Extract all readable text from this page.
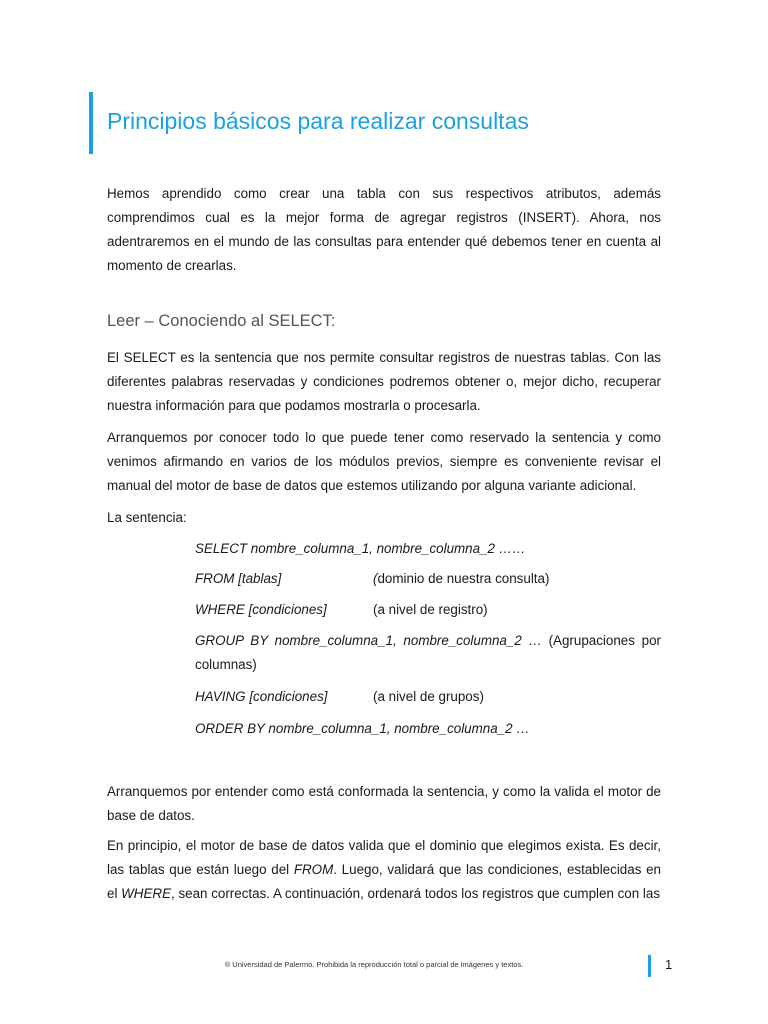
Principios básicos para realizar consultas

Hemos aprendido como crear una tabla con sus respectivos atributos, además comprendimos cual es la mejor forma de agregar registros (INSERT). Ahora, nos adentraremos en el mundo de las consultas para entender qué debemos tener en cuenta al momento de crearlas.

Leer – Conociendo al SELECT:

El SELECT es la sentencia que nos permite consultar registros de nuestras tablas. Con las diferentes palabras reservadas y condiciones podremos obtener o, mejor dicho, recuperar nuestra información para que podamos mostrarla o procesarla.

Arranquemos por conocer todo lo que puede tener como reservado la sentencia y como venimos afirmando en varios de los módulos previos, siempre es conveniente revisar el manual del motor de base de datos que estemos utilizando por alguna variante adicional.

La sentencia:

SELECT nombre_columna_1, nombre_columna_2 ……
FROM [tablas]	(dominio de nuestra consulta)
WHERE [condiciones]	(a nivel de registro)
GROUP BY nombre_columna_1, nombre_columna_2 … (Agrupaciones por columnas)
HAVING [condiciones]	(a nivel de grupos)
ORDER BY nombre_columna_1, nombre_columna_2 …

Arranquemos por entender como está conformada la sentencia, y como la valida el motor de base de datos.

En principio, el motor de base de datos valida que el dominio que elegimos exista. Es decir, las tablas que están luego del FROM. Luego, validará que las condiciones, establecidas en el WHERE, sean correctas. A continuación, ordenará todos los registros que cumplen con las

® Universidad de Palermo. Prohibida la reproducción total o parcial de imágenes y textos.	1
